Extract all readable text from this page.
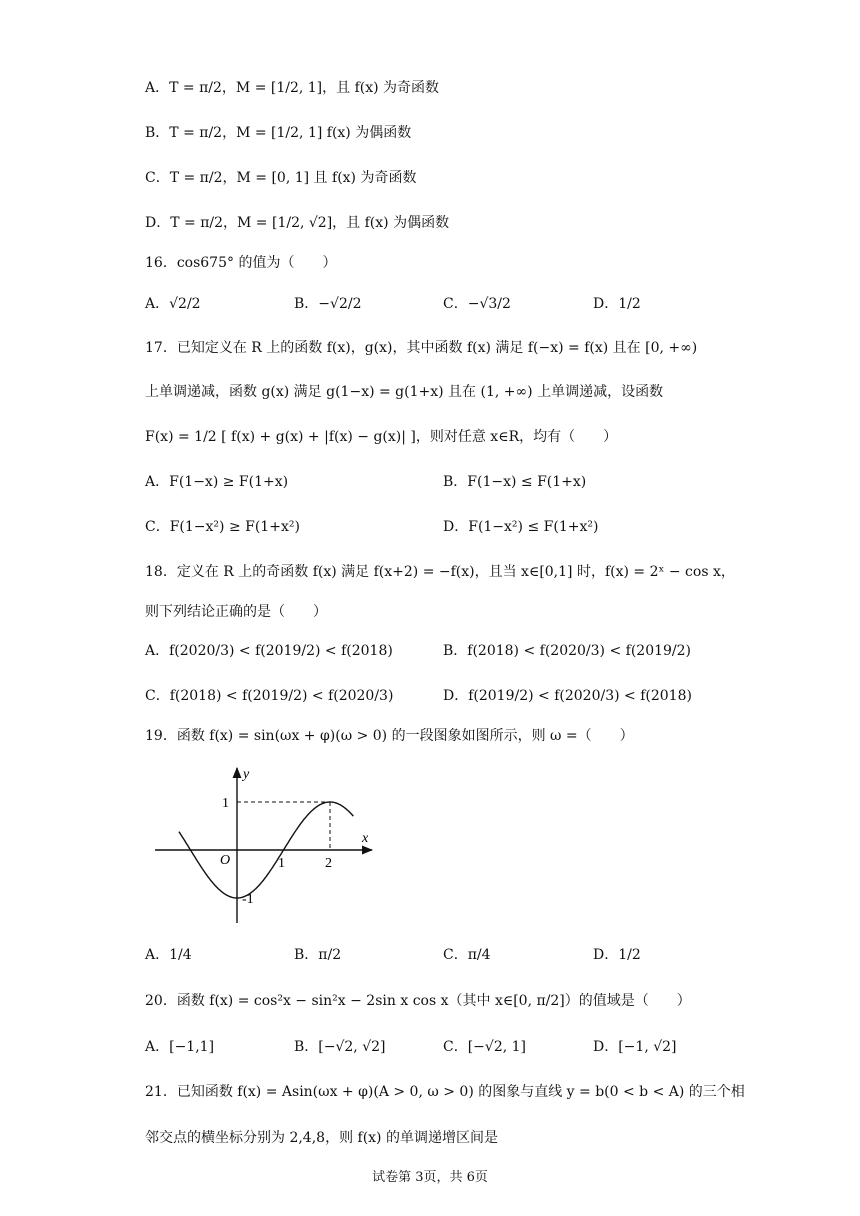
A．T = π/2，M = [1/2, 1]，且 f(x) 为奇函数
B．T = π/2，M = [1/2, 1] f(x) 为偶函数
C．T = π/2，M = [0, 1] 且 f(x) 为奇函数
D．T = π/2，M = [1/2, √2]，且 f(x) 为偶函数
16．cos675° 的值为（　　）
A．√2/2	B．−√2/2	C．−√3/2	D．1/2
17．已知定义在 R 上的函数 f(x)，g(x)，其中函数 f(x) 满足 f(−x) = f(x) 且在 [0, +∞)
上单调递减，函数 g(x) 满足 g(1−x) = g(1+x) 且在 (1, +∞) 上单调递减，设函数
F(x) = 1/2 [ f(x) + g(x) + |f(x) − g(x)| ]，则对任意 x∈R，均有（　　）
A．F(1−x) ≥ F(1+x)	B．F(1−x) ≤ F(1+x)
C．F(1−x²) ≥ F(1+x²)	D．F(1−x²) ≤ F(1+x²)
18．定义在 R 上的奇函数 f(x) 满足 f(x+2) = −f(x)，且当 x∈[0,1] 时，f(x) = 2ˣ − cos x，
则下列结论正确的是（　　）
A．f(2020/3) < f(2019/2) < f(2018)	B．f(2018) < f(2020/3) < f(2019/2)
C．f(2018) < f(2019/2) < f(2020/3)	D．f(2019/2) < f(2020/3) < f(2018)
19．函数 f(x) = sin(ωx + φ)(ω > 0) 的一段图象如图所示，则 ω =（　　）
y
x
O	1	2
1
-1
A．1/4	B．π/2	C．π/4	D．1/2
20．函数 f(x) = cos²x − sin²x − 2sin x cos x（其中 x∈[0, π/2]）的值域是（　　）
A．[−1,1]	B．[−√2, √2]	C．[−√2, 1]	D．[−1, √2]
21．已知函数 f(x) = Asin(ωx + φ)(A > 0, ω > 0) 的图象与直线 y = b(0 < b < A) 的三个相
邻交点的横坐标分别为 2,4,8，则 f(x) 的单调递增区间是
试卷第 3页，共 6页
